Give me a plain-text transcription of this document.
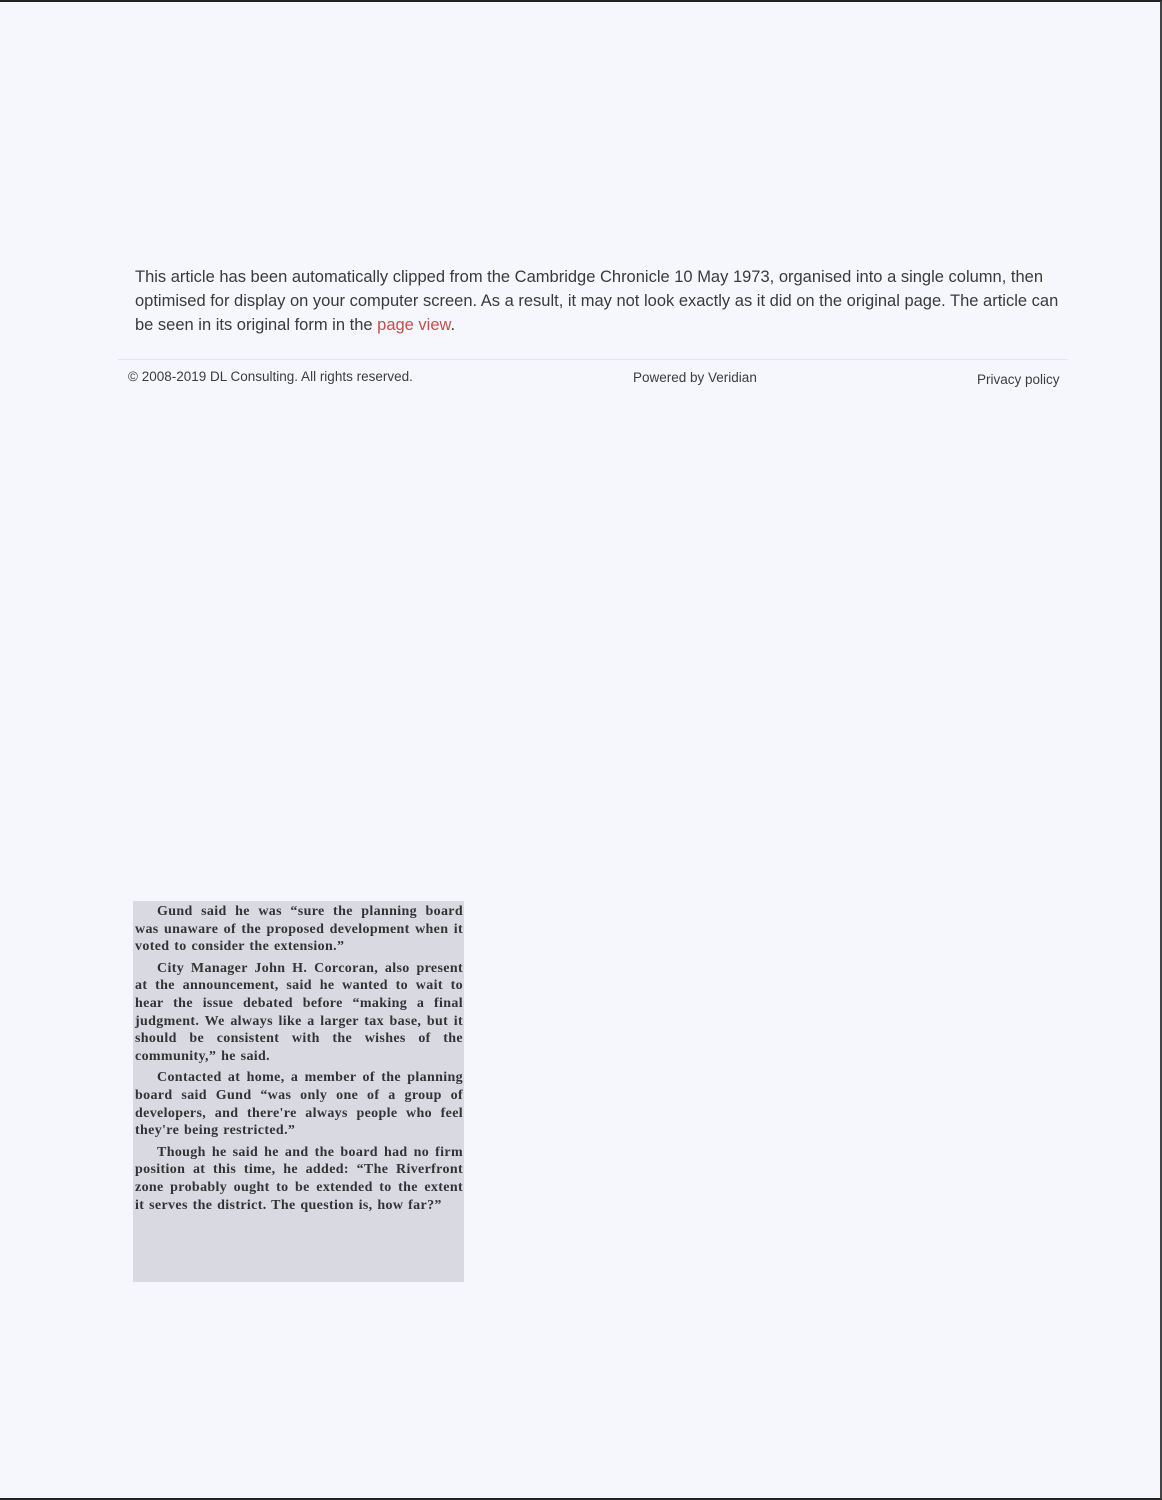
This article has been automatically clipped from the Cambridge Chronicle 10 May 1973, organised into a single column, then optimised for display on your computer screen. As a result, it may not look exactly as it did on the original page. The article can be seen in its original form in the page view.
© 2008-2019 DL Consulting. All rights reserved.	Powered by Veridian	Privacy policy

Gund said he was “sure the planning board was unaware of the proposed development when it voted to consider the extension.”

City Manager John H. Corcoran, also present at the announcement, said he wanted to wait to hear the issue debated before “making a final judgment. We always like a larger tax base, but it should be consistent with the wishes of the community,” he said.

Contacted at home, a member of the planning board said Gund “was only one of a group of developers, and there're always people who feel they're being restricted.”

Though he said he and the board had no firm position at this time, he added: “The Riverfront zone probably ought to be extended to the extent it serves the district. The question is, how far?”
